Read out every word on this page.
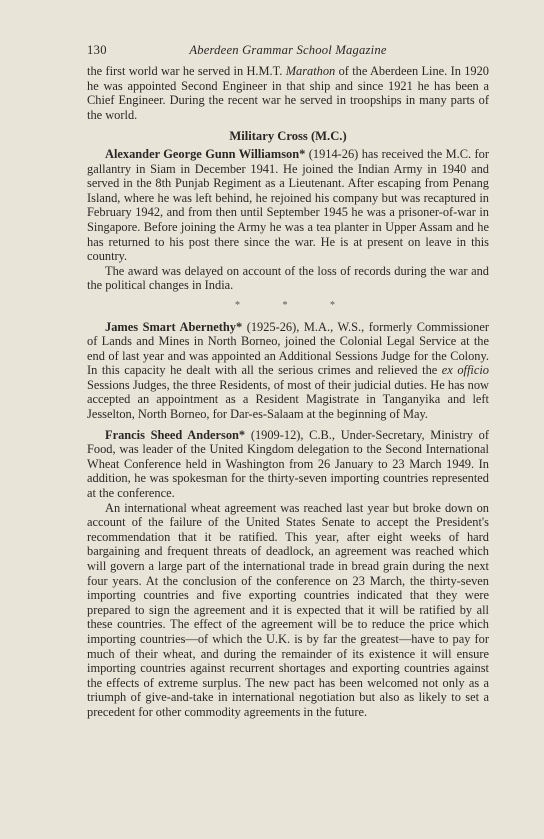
130	Aberdeen Grammar School Magazine

the first world war he served in H.M.T. Marathon of the Aberdeen Line. In 1920 he was appointed Second Engineer in that ship and since 1921 he has been a Chief Engineer. During the recent war he served in troopships in many parts of the world.

Military Cross (M.C.)

Alexander George Gunn Williamson* (1914-26) has received the M.C. for gallantry in Siam in December 1941. He joined the Indian Army in 1940 and served in the 8th Punjab Regiment as a Lieutenant. After escaping from Penang Island, where he was left behind, he rejoined his company but was recaptured in February 1942, and from then until September 1945 he was a prisoner-of-war in Singapore. Before joining the Army he was a tea planter in Upper Assam and he has returned to his post there since the war. He is at present on leave in this country.

The award was delayed on account of the loss of records during the war and the political changes in India.

* * *

James Smart Abernethy* (1925-26), M.A., W.S., formerly Commissioner of Lands and Mines in North Borneo, joined the Colonial Legal Service at the end of last year and was appointed an Additional Sessions Judge for the Colony. In this capacity he dealt with all the serious crimes and relieved the ex officio Sessions Judges, the three Residents, of most of their judicial duties. He has now accepted an appointment as a Resident Magistrate in Tanganyika and left Jesselton, North Borneo, for Dar-es-Salaam at the beginning of May.

Francis Sheed Anderson* (1909-12), C.B., Under-Secretary, Ministry of Food, was leader of the United Kingdom delegation to the Second International Wheat Conference held in Washington from 26 January to 23 March 1949. In addition, he was spokesman for the thirty-seven importing countries represented at the conference.

An international wheat agreement was reached last year but broke down on account of the failure of the United States Senate to accept the President's recommendation that it be ratified. This year, after eight weeks of hard bargaining and frequent threats of deadlock, an agreement was reached which will govern a large part of the international trade in bread grain during the next four years. At the conclusion of the conference on 23 March, the thirty-seven importing countries and five exporting countries indicated that they were prepared to sign the agreement and it is expected that it will be ratified by all these countries. The effect of the agreement will be to reduce the price which importing countries—of which the U.K. is by far the greatest—have to pay for much of their wheat, and during the remainder of its existence it will ensure importing countries against recurrent shortages and exporting countries against the effects of extreme surplus. The new pact has been welcomed not only as a triumph of give-and-take in international negotiation but also as likely to set a precedent for other commodity agreements in the future.
